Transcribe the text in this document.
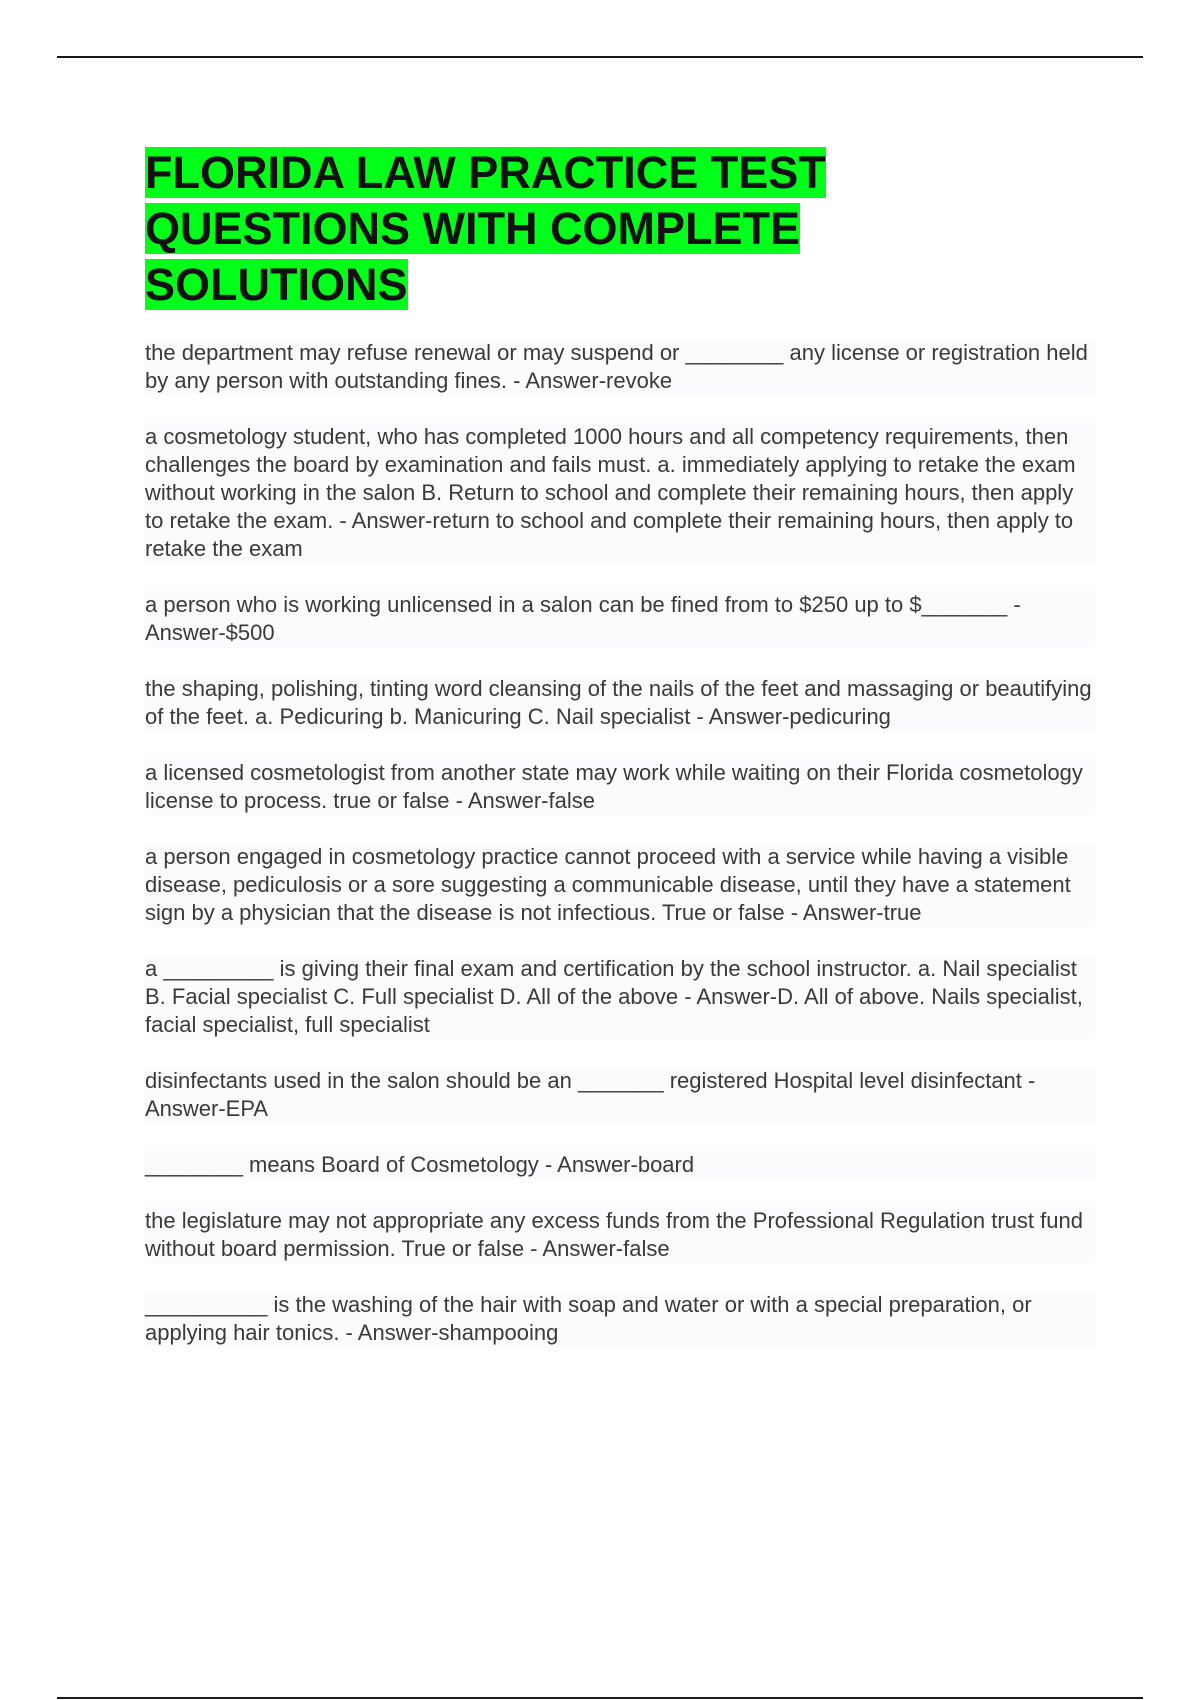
FLORIDA LAW PRACTICE TEST QUESTIONS WITH COMPLETE SOLUTIONS

the department may refuse renewal or may suspend or ________ any license or registration held by any person with outstanding fines. - Answer-revoke

a cosmetology student, who has completed 1000 hours and all competency requirements, then challenges the board by examination and fails must. a. immediately applying to retake the exam without working in the salon B. Return to school and complete their remaining hours, then apply to retake the exam. - Answer-return to school and complete their remaining hours, then apply to retake the exam

a person who is working unlicensed in a salon can be fined from to $250 up to $_______ - Answer-$500

the shaping, polishing, tinting word cleansing of the nails of the feet and massaging or beautifying of the feet. a. Pedicuring b. Manicuring C. Nail specialist - Answer-pedicuring

a licensed cosmetologist from another state may work while waiting on their Florida cosmetology license to process. true or false - Answer-false

a person engaged in cosmetology practice cannot proceed with a service while having a visible disease, pediculosis or a sore suggesting a communicable disease, until they have a statement sign by a physician that the disease is not infectious. True or false - Answer-true

a _________ is giving their final exam and certification by the school instructor. a. Nail specialist B. Facial specialist C. Full specialist D. All of the above - Answer-D. All of above. Nails specialist, facial specialist, full specialist

disinfectants used in the salon should be an _______ registered Hospital level disinfectant - Answer-EPA

________ means Board of Cosmetology - Answer-board

the legislature may not appropriate any excess funds from the Professional Regulation trust fund without board permission. True or false - Answer-false

__________ is the washing of the hair with soap and water or with a special preparation, or applying hair tonics. - Answer-shampooing
